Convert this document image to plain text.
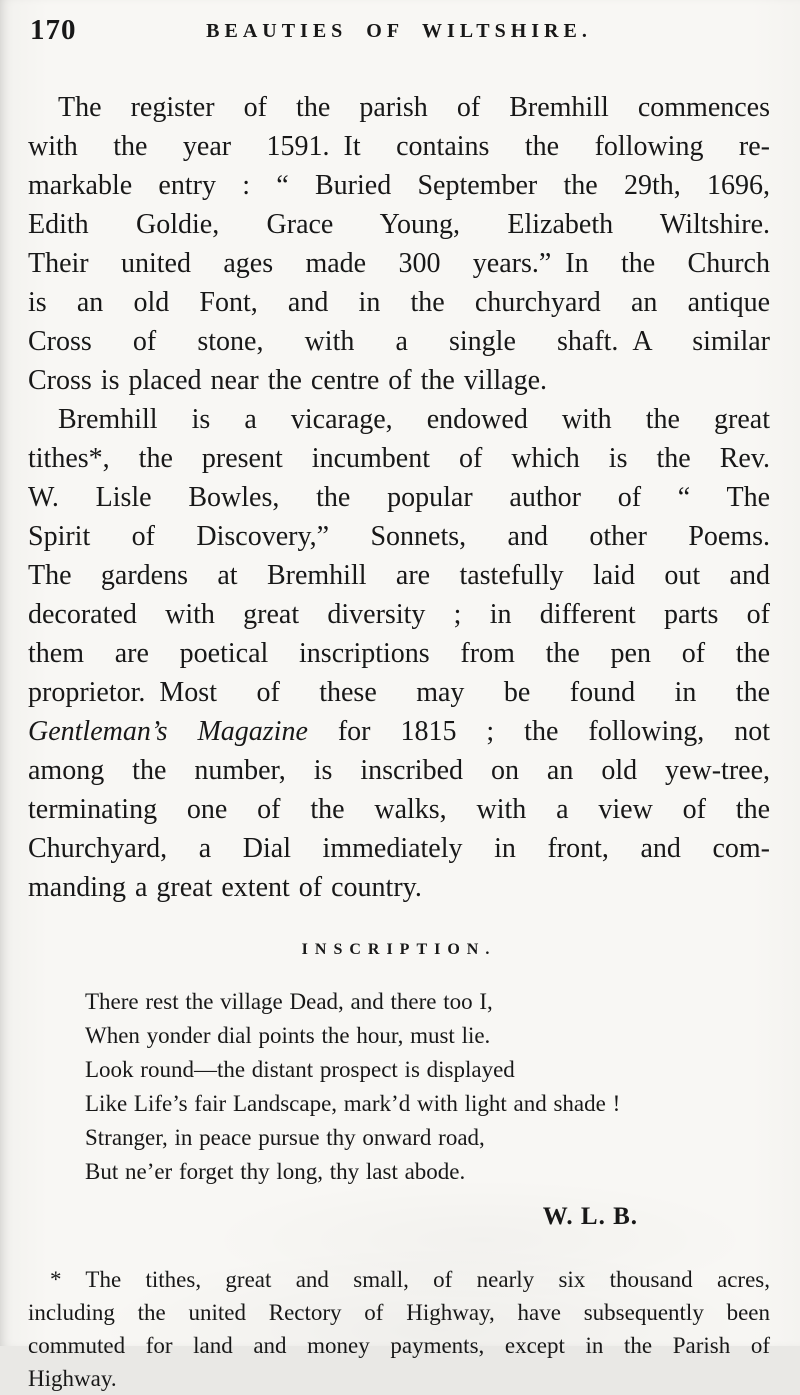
170	BEAUTIES OF WILTSHIRE.
The register of the parish of Bremhill commences
with the year 1591. It contains the following re-
markable entry : “ Buried September the 29th, 1696,
Edith Goldie, Grace Young, Elizabeth Wiltshire.
Their united ages made 300 years.” In the Church
is an old Font, and in the churchyard an antique
Cross of stone, with a single shaft. A similar
Cross is placed near the centre of the village.
Bremhill is a vicarage, endowed with the great
tithes*, the present incumbent of which is the Rev.
W. Lisle Bowles, the popular author of “ The
Spirit of Discovery,” Sonnets, and other Poems.
The gardens at Bremhill are tastefully laid out and
decorated with great diversity ; in different parts of
them are poetical inscriptions from the pen of the
proprietor. Most of these may be found in the
Gentleman’s Magazine for 1815 ; the following, not
among the number, is inscribed on an old yew-tree,
terminating one of the walks, with a view of the
Churchyard, a Dial immediately in front, and com-
manding a great extent of country.
INSCRIPTION.
There rest the village Dead, and there too I,
When yonder dial points the hour, must lie.
Look round—the distant prospect is displayed
Like Life’s fair Landscape, mark’d with light and shade !
Stranger, in peace pursue thy onward road,
But ne’er forget thy long, thy last abode.
W. L. B.
* The tithes, great and small, of nearly six thousand acres,
including the united Rectory of Highway, have subsequently been
commuted for land and money payments, except in the Parish of
Highway.
